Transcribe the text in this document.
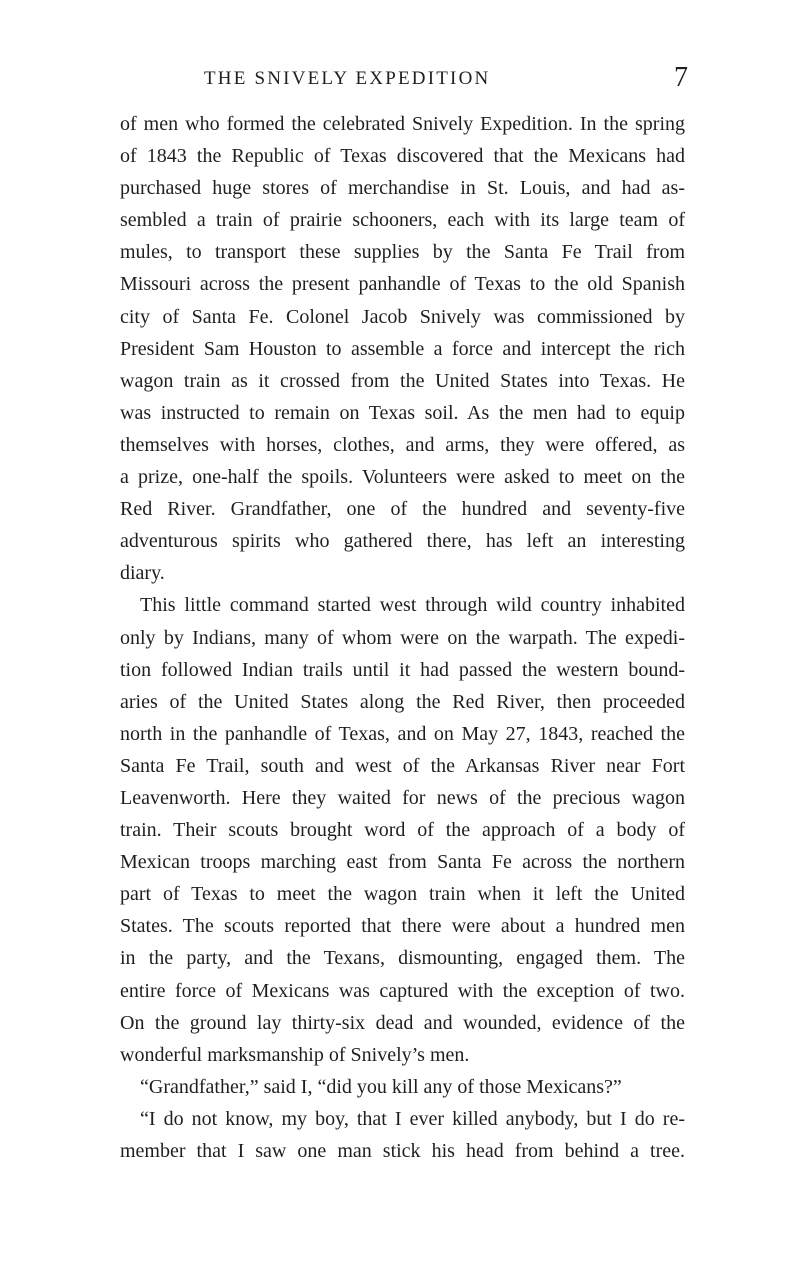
THE SNIVELY EXPEDITION	7
of men who formed the celebrated Snively Expedition. In the spring
of 1843 the Republic of Texas discovered that the Mexicans had
purchased huge stores of merchandise in St. Louis, and had as-
sembled a train of prairie schooners, each with its large team of
mules, to transport these supplies by the Santa Fe Trail from
Missouri across the present panhandle of Texas to the old Spanish
city of Santa Fe. Colonel Jacob Snively was commissioned by
President Sam Houston to assemble a force and intercept the rich
wagon train as it crossed from the United States into Texas. He
was instructed to remain on Texas soil. As the men had to equip
themselves with horses, clothes, and arms, they were offered, as
a prize, one-half the spoils. Volunteers were asked to meet on the
Red River. Grandfather, one of the hundred and seventy-five
adventurous spirits who gathered there, has left an interesting
diary.
This little command started west through wild country inhabited
only by Indians, many of whom were on the warpath. The expedi-
tion followed Indian trails until it had passed the western bound-
aries of the United States along the Red River, then proceeded
north in the panhandle of Texas, and on May 27, 1843, reached the
Santa Fe Trail, south and west of the Arkansas River near Fort
Leavenworth. Here they waited for news of the precious wagon
train. Their scouts brought word of the approach of a body of
Mexican troops marching east from Santa Fe across the northern
part of Texas to meet the wagon train when it left the United
States. The scouts reported that there were about a hundred men
in the party, and the Texans, dismounting, engaged them. The
entire force of Mexicans was captured with the exception of two.
On the ground lay thirty-six dead and wounded, evidence of the
wonderful marksmanship of Snively’s men.
“Grandfather,” said I, “did you kill any of those Mexicans?”
“I do not know, my boy, that I ever killed anybody, but I do re-
member that I saw one man stick his head from behind a tree.
